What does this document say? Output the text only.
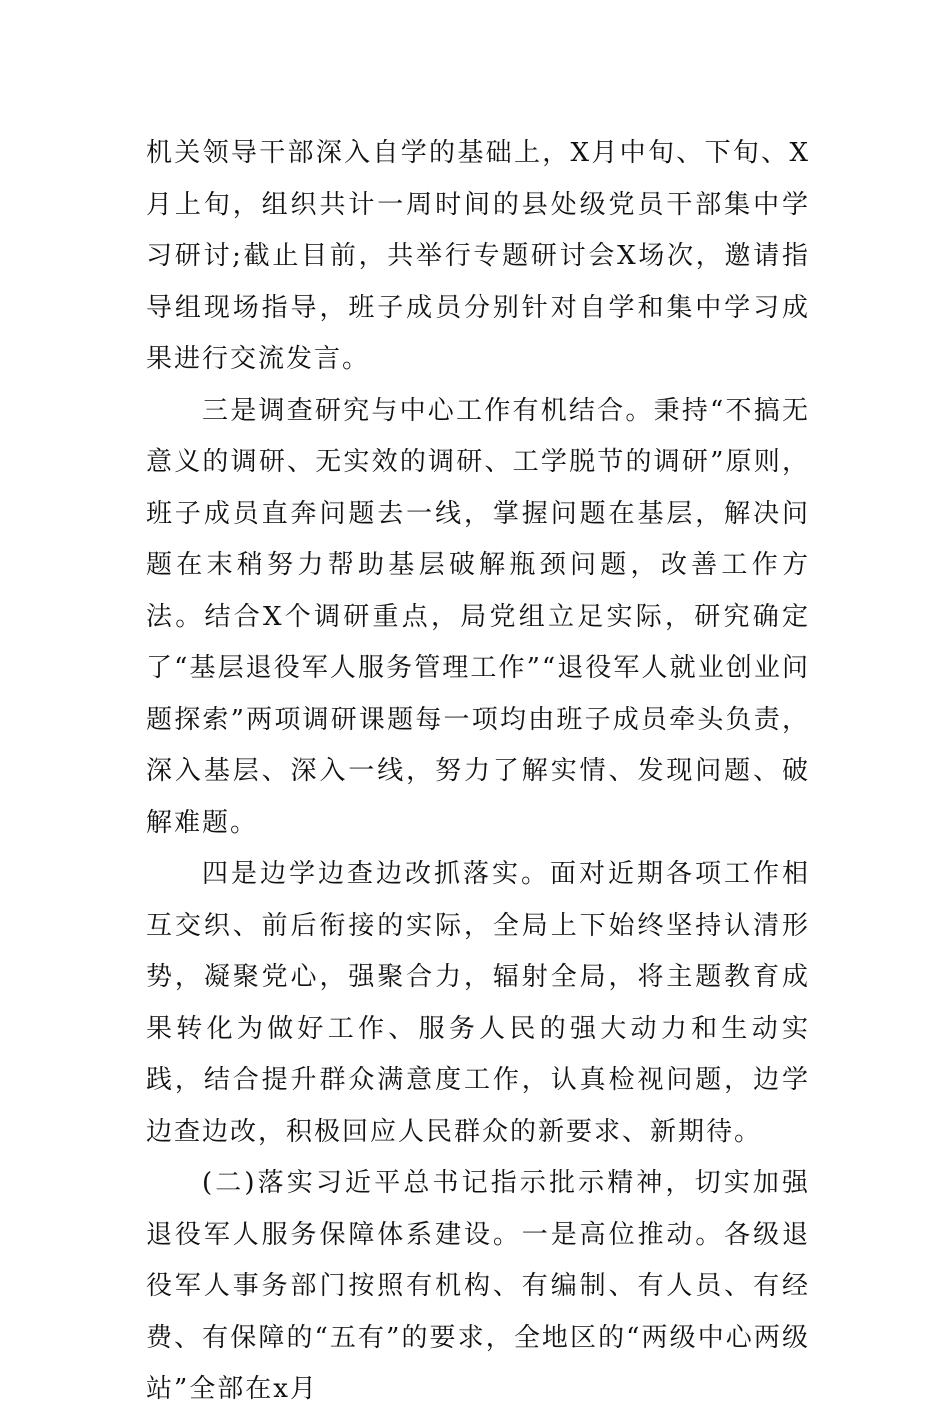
机关领导干部深入自学的基础上，X月中旬、下旬、X月上旬，组织共计一周时间的县处级党员干部集中学习研讨;截止目前，共举行专题研讨会X场次，邀请指导组现场指导，班子成员分别针对自学和集中学习成果进行交流发言。

三是调查研究与中心工作有机结合。秉持“不搞无意义的调研、无实效的调研、工学脱节的调研”原则，班子成员直奔问题去一线，掌握问题在基层，解决问题在末稍努力帮助基层破解瓶颈问题，改善工作方法。结合X个调研重点，局党组立足实际，研究确定了“基层退役军人服务管理工作”“退役军人就业创业问题探索”两项调研课题每一项均由班子成员牵头负责，深入基层、深入一线，努力了解实情、发现问题、破解难题。

四是边学边查边改抓落实。面对近期各项工作相互交织、前后衔接的实际，全局上下始终坚持认清形势，凝聚党心，强聚合力，辐射全局，将主题教育成果转化为做好工作、服务人民的强大动力和生动实践，结合提升群众满意度工作，认真检视问题，边学边查边改，积极回应人民群众的新要求、新期待。

(二)落实习近平总书记指示批示精神，切实加强退役军人服务保障体系建设。一是高位推动。各级退役军人事务部门按照有机构、有编制、有人员、有经费、有保障的“五有”的要求，全地区的“两级中心两级站”全部在x月
